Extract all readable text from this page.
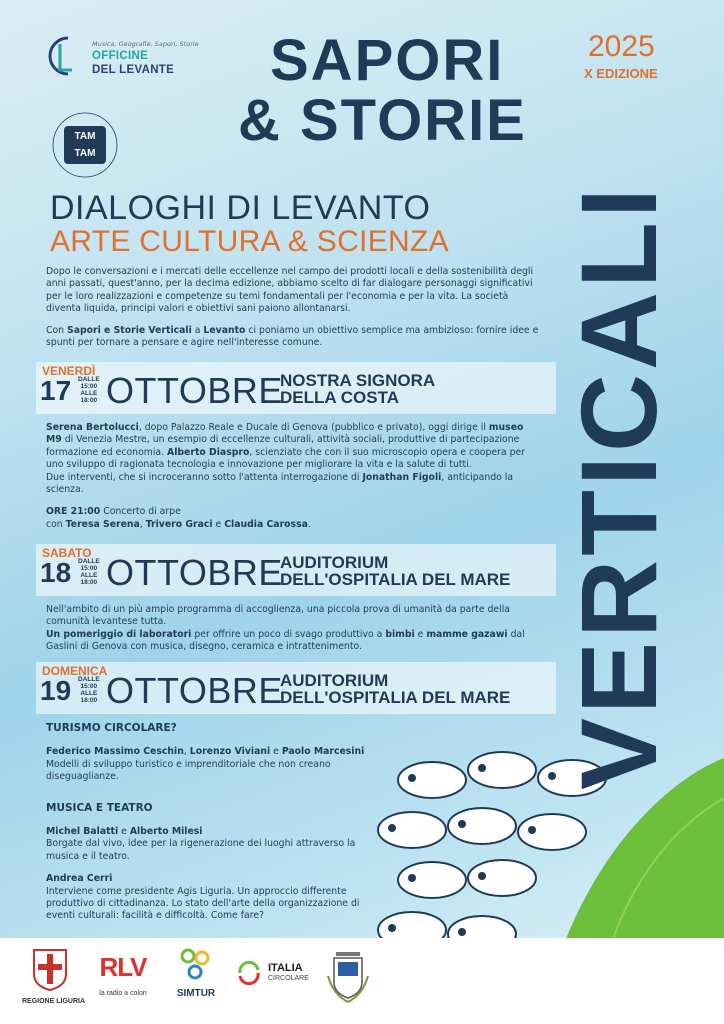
Musica, Geografie, Sapori, Storie
OFFICINE
DEL LEVANTE
TAM
TAM
SAPORI
& STORIE
2025
X EDIZIONE
VERTICALI
DIALOGHI DI LEVANTO
ARTE CULTURA & SCIENZA

Dopo le conversazioni e i mercati delle eccellenze nel campo dei prodotti locali e della sostenibilità degli anni passati, quest'anno, per la decima edizione, abbiamo scelto di far dialogare personaggi significativi per le loro realizzazioni e competenze su temi fondamentali per l'economia e per la vita. La società diventa liquida, principi valori e obiettivi sani paiono allontanarsi.

Con Sapori e Storie Verticali a Levanto ci poniamo un obiettivo semplice ma ambizioso: fornire idee e spunti per tornare a pensare e agire nell'interesse comune.

VENERDÌ
17 DALLE
15:00
ALLE
18:00 OTTOBRE
NOSTRA SIGNORA
DELLA COSTA
Serena Bertolucci, dopo Palazzo Reale e Ducale di Genova (pubblico e privato), oggi dirige il museo M9 di Venezia Mestre, un esempio di eccellenze culturali, attività sociali, produttive di partecipazione formazione ed economia. Alberto Diaspro, scienziato che con il suo microscopio opera e coopera per uno sviluppo di ragionata tecnologia e innovazione per migliorare la vita e la salute di tutti.
Due interventi, che si incroceranno sotto l'attenta interrogazione di Jonathan Figoli, anticipando la scienza.
ORE 21:00 Concerto di arpe
con Teresa Serena, Trivero Graci e Claudia Carossa.
SABATO
18 DALLE
15:00
ALLE
18:00 OTTOBRE
AUDITORIUM
DELL'OSPITALIA DEL MARE
Nell'ambito di un più ampio programma di accoglienza, una piccola prova di umanità da parte della comunità levantese tutta.
Un pomeriggio di laboratori per offrire un poco di svago produttivo a bimbi e mamme gazawi dal Gaslini di Genova con musica, disegno, ceramica e intrattenimento.
DOMENICA
19 DALLE
15:00
ALLE
18:00 OTTOBRE
AUDITORIUM
DELL'OSPITALIA DEL MARE
TURISMO CIRCOLARE?
Federico Massimo Ceschin, Lorenzo Viviani e Paolo Marcesini
Modelli di sviluppo turistico e imprenditoriale che non creano diseguaglianze.
MUSICA E TEATRO
Michel Balatti e Alberto Milesi
Borgate dal vivo, idee per la rigenerazione dei luoghi attraverso la musica e il teatro.
Andrea Cerri
Interviene come presidente Agis Liguria. Un approccio differente produttivo di cittadinanza. Lo stato dell'arte della organizzazione di eventi culturali: facilità e difficoltà. Come fare?
REGIONE LIGURIA
RLV
la radio a colori	SIMTUR
ITALIA
CIRCOLARE
